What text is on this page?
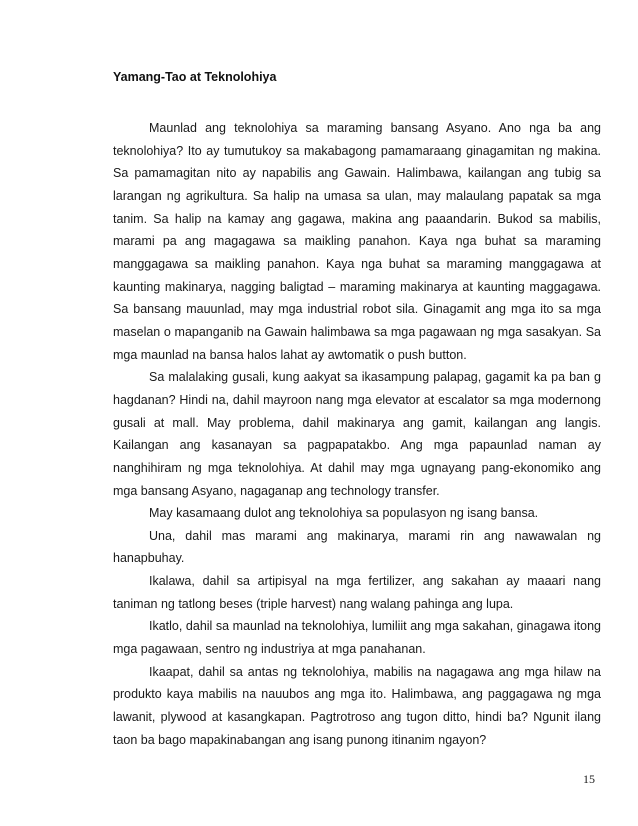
Yamang-Tao at Teknolohiya

Maunlad ang teknolohiya sa maraming bansang Asyano. Ano nga ba ang teknolohiya? Ito ay tumutukoy sa makabagong pamamaraang ginagamitan ng makina. Sa pamamagitan nito ay napabilis ang Gawain. Halimbawa, kailangan ang tubig sa larangan ng agrikultura. Sa halip na umasa sa ulan, may malaulang papatak sa mga tanim. Sa halip na kamay ang gagawa, makina ang paaandarin. Bukod sa mabilis, marami pa ang magagawa sa maikling panahon. Kaya nga buhat sa maraming manggagawa sa maikling panahon. Kaya nga buhat sa maraming manggagawa at kaunting makinarya, nagging baligtad – maraming makinarya at kaunting maggagawa. Sa bansang mauunlad, may mga industrial robot sila. Ginagamit ang mga ito sa mga maselan o mapanganib na Gawain halimbawa sa mga pagawaan ng mga sasakyan. Sa mga maunlad na bansa halos lahat ay awtomatik o push button.

Sa malalaking gusali, kung aakyat sa ikasampung palapag, gagamit ka pa ban g hagdanan? Hindi na, dahil mayroon nang mga elevator at escalator sa mga modernong gusali at mall. May problema, dahil makinarya ang gamit, kailangan ang langis. Kailangan ang kasanayan sa pagpapatakbo. Ang mga papaunlad naman ay nanghihiram ng mga teknolohiya. At dahil may mga ugnayang pang-ekonomiko ang mga bansang Asyano, nagaganap ang technology transfer.

May kasamaang dulot ang teknolohiya sa populasyon ng isang bansa.

Una, dahil mas marami ang makinarya, marami rin ang nawawalan ng hanapbuhay.

Ikalawa, dahil sa artipisyal na mga fertilizer, ang sakahan ay maaari nang taniman ng tatlong beses (triple harvest) nang walang pahinga ang lupa.

Ikatlo, dahil sa maunlad na teknolohiya, lumiliit ang mga sakahan, ginagawa itong mga pagawaan, sentro ng industriya at mga panahanan.

Ikaapat, dahil sa antas ng teknolohiya, mabilis na nagagawa ang mga hilaw na produkto kaya mabilis na nauubos ang mga ito. Halimbawa, ang paggagawa ng mga lawanit, plywood at kasangkapan. Pagtrotroso ang tugon ditto, hindi ba? Ngunit ilang taon ba bago mapakinabangan ang isang punong itinanim ngayon?

15
